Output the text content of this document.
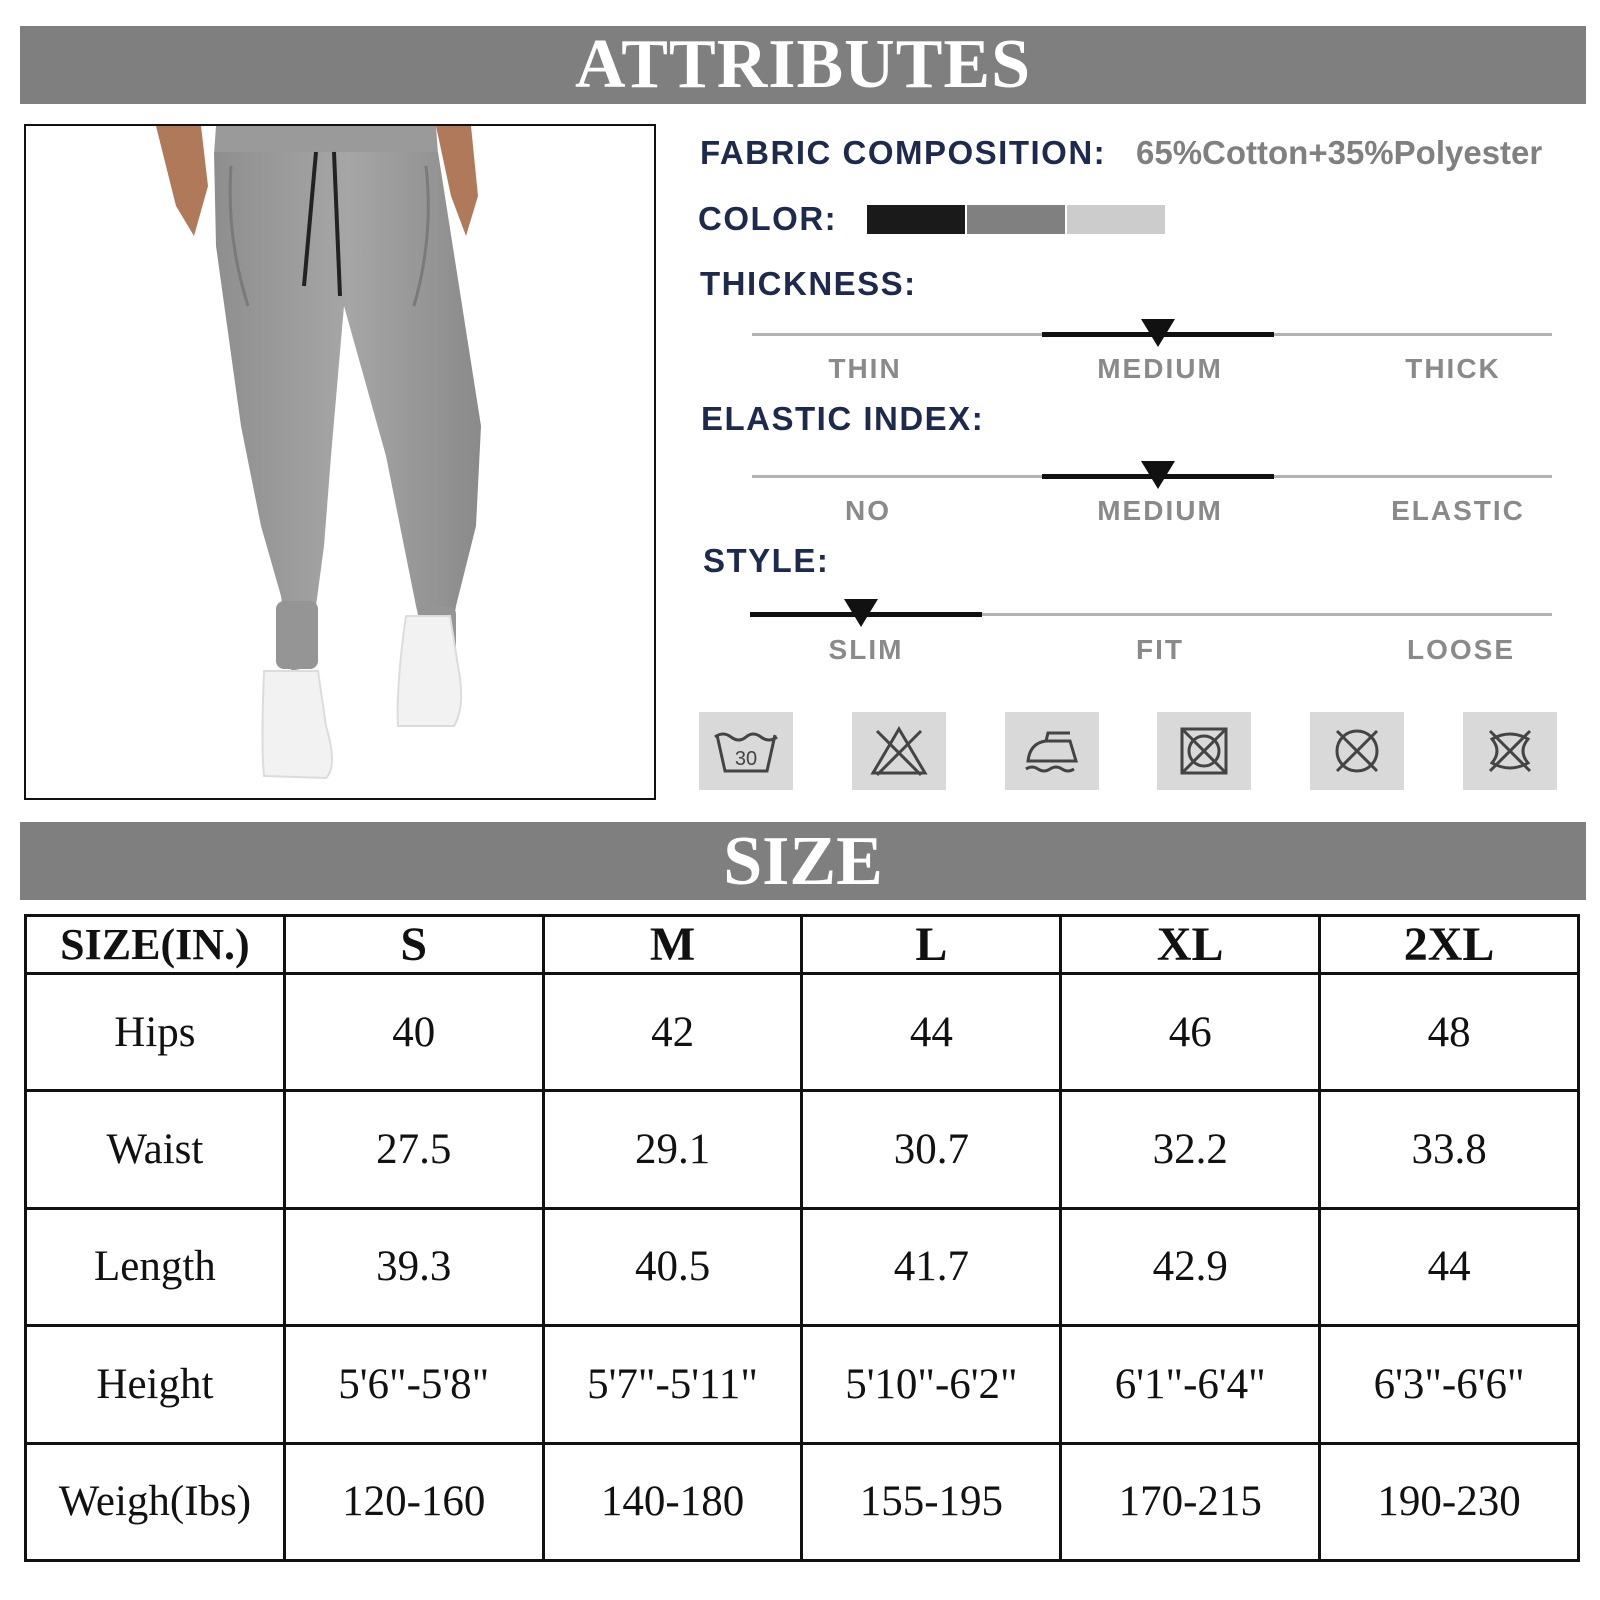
ATTRIBUTES
FABRIC COMPOSITION: 65%Cotton+35%Polyester
COLOR:
THICKNESS:
THIN	MEDIUM	THICK
ELASTIC INDEX:
NO	MEDIUM	ELASTIC
STYLE:
SLIM	FIT	LOOSE
30
SIZE
SIZE(IN.)	S	M	L	XL	2XL
Hips	40	42	44	46	48
Waist	27.5	29.1	30.7	32.2	33.8
Length	39.3	40.5	41.7	42.9	44
Height	5'6"-5'8"	5'7"-5'11"	5'10"-6'2"	6'1"-6'4"	6'3"-6'6"
Weigh(Ibs)	120-160	140-180	155-195	170-215	190-230
